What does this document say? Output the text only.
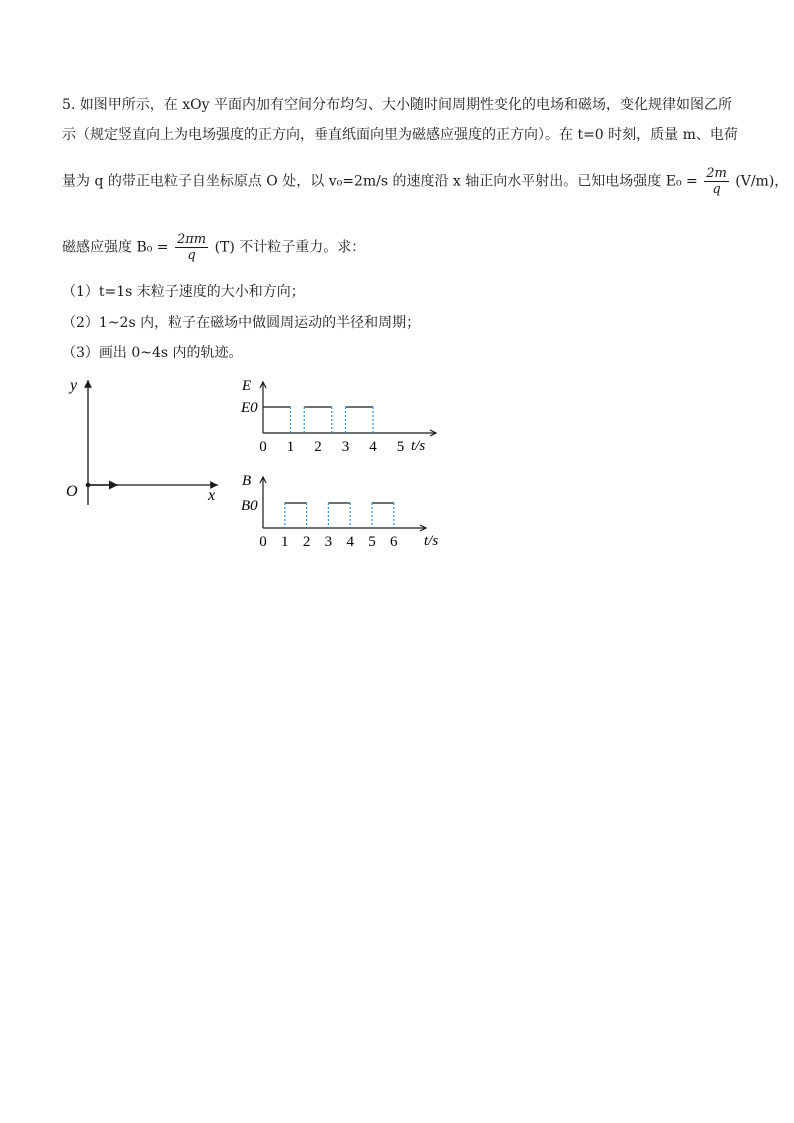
5. 如图甲所示，在 xOy 平面内加有空间分布均匀、大小随时间周期性变化的电场和磁场，变化规律如图乙所
示（规定竖直向上为电场强度的正方向，垂直纸面向里为磁感应强度的正方向）。在 t=0 时刻，质量 m、电荷
量为 q 的带正电粒子自坐标原点 O 处，以 v₀=2m/s 的速度沿 x 轴正向水平射出。已知电场强度 $E_0 = \frac{2m}{q} (V/m)$，
磁感应强度 $B_0 = \frac{2\pi m}{q} (T)$ 不计粒子重力。求：
（1）t=1s 末粒子速度的大小和方向；
（2）1~2s 内，粒子在磁场中做圆周运动的半径和周期；
（3）画出 0~4s 内的轨迹。
y
x
O
0 1 2 3 4 5
E
E0
t/s
0 1 2 3 4 5 6
B
B0
t/s
